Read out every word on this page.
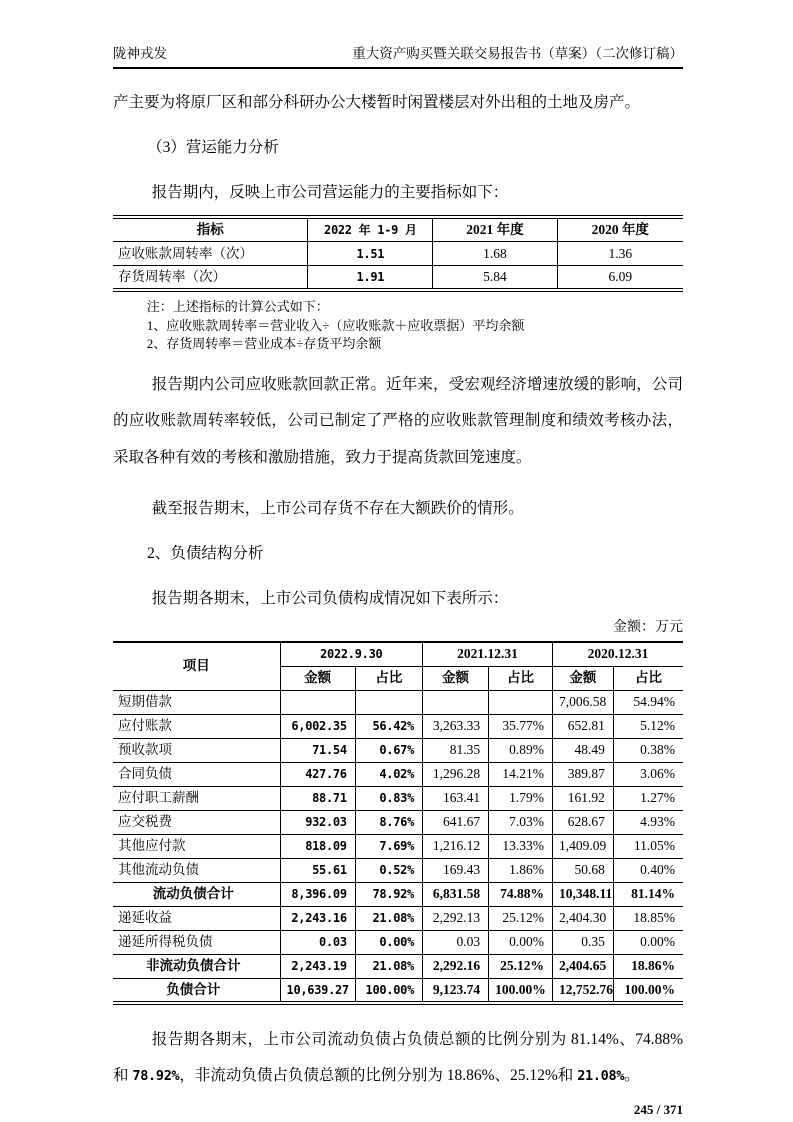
陇神戎发	重大资产购买暨关联交易报告书（草案）（二次修订稿）

产主要为将原厂区和部分科研办公大楼暂时闲置楼层对外出租的土地及房产。

（3）营运能力分析

报告期内，反映上市公司营运能力的主要指标如下：

指标	2022 年 1-9 月	2021 年度	2020 年度
应收账款周转率（次）	1.51	1.68	1.36
存货周转率（次）	1.91	5.84	6.09
注：上述指标的计算公式如下：
1、应收账款周转率＝营业收入÷（应收账款＋应收票据）平均余额
2、存货周转率＝营业成本÷存货平均余额

报告期内公司应收账款回款正常。近年来，受宏观经济增速放缓的影响，公司的应收账款周转率较低，公司已制定了严格的应收账款管理制度和绩效考核办法，采取各种有效的考核和激励措施，致力于提高货款回笼速度。

截至报告期末，上市公司存货不存在大额跌价的情形。

2、负债结构分析

报告期各期末，上市公司负债构成情况如下表所示：

金额：万元
项目	2022.9.30		2021.12.31		2020.12.31	
	金额	占比	金额	占比	金额	占比
短期借款					7,006.58	54.94%
应付账款	6,002.35	56.42%	3,263.33	35.77%	652.81	5.12%
预收款项	71.54	0.67%	81.35	0.89%	48.49	0.38%
合同负债	427.76	4.02%	1,296.28	14.21%	389.87	3.06%
应付职工薪酬	88.71	0.83%	163.41	1.79%	161.92	1.27%
应交税费	932.03	8.76%	641.67	7.03%	628.67	4.93%
其他应付款	818.09	7.69%	1,216.12	13.33%	1,409.09	11.05%
其他流动负债	55.61	0.52%	169.43	1.86%	50.68	0.40%
流动负债合计	8,396.09	78.92%	6,831.58	74.88%	10,348.11	81.14%
递延收益	2,243.16	21.08%	2,292.13	25.12%	2,404.30	18.85%
递延所得税负债	0.03	0.00%	0.03	0.00%	0.35	0.00%
非流动负债合计	2,243.19	21.08%	2,292.16	25.12%	2,404.65	18.86%
负债合计	10,639.27	100.00%	9,123.74	100.00%	12,752.76	100.00%

报告期各期末，上市公司流动负债占负债总额的比例分别为 81.14%、74.88%和 78.92%，非流动负债占负债总额的比例分别为 18.86%、25.12%和 21.08%。

245 / 371
